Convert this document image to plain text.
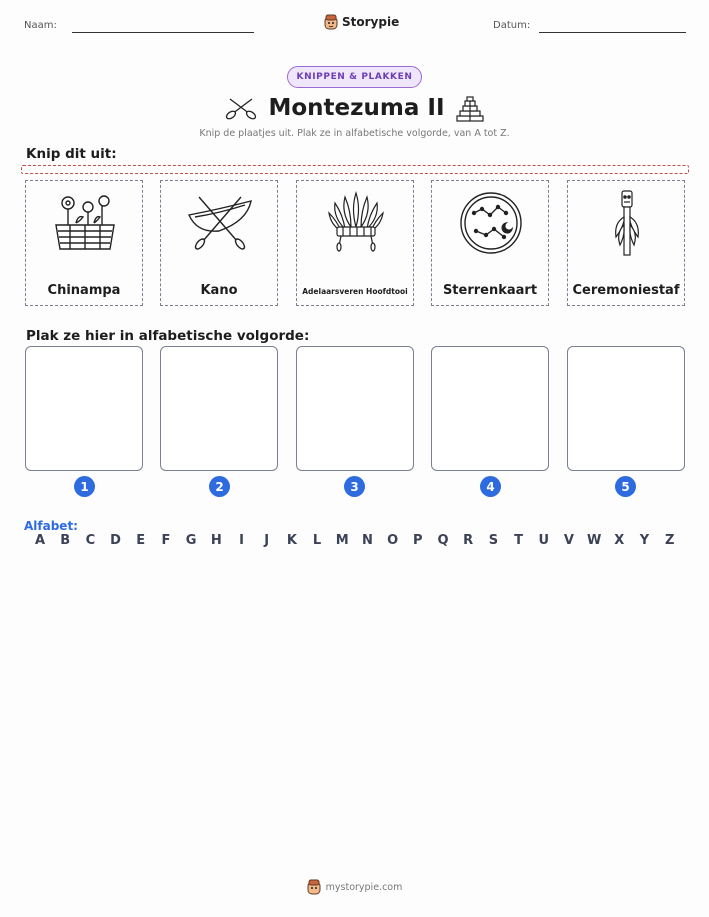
Naam:	Storypie	Datum:
KNIPPEN & PLAKKEN
Montezuma II
Knip de plaatjes uit. Plak ze in alfabetische volgorde, van A tot Z.
Knip dit uit:
Chinampa	Kano	Adelaarsveren Hoofdtooi	Sterrenkaart	Ceremoniestaf
Plak ze hier in alfabetische volgorde:
1	2	3	4	5
Alfabet:
A B C D E F G H	I	J	K L M N O P Q R S T U V W X Y Z
mystorypie.com
